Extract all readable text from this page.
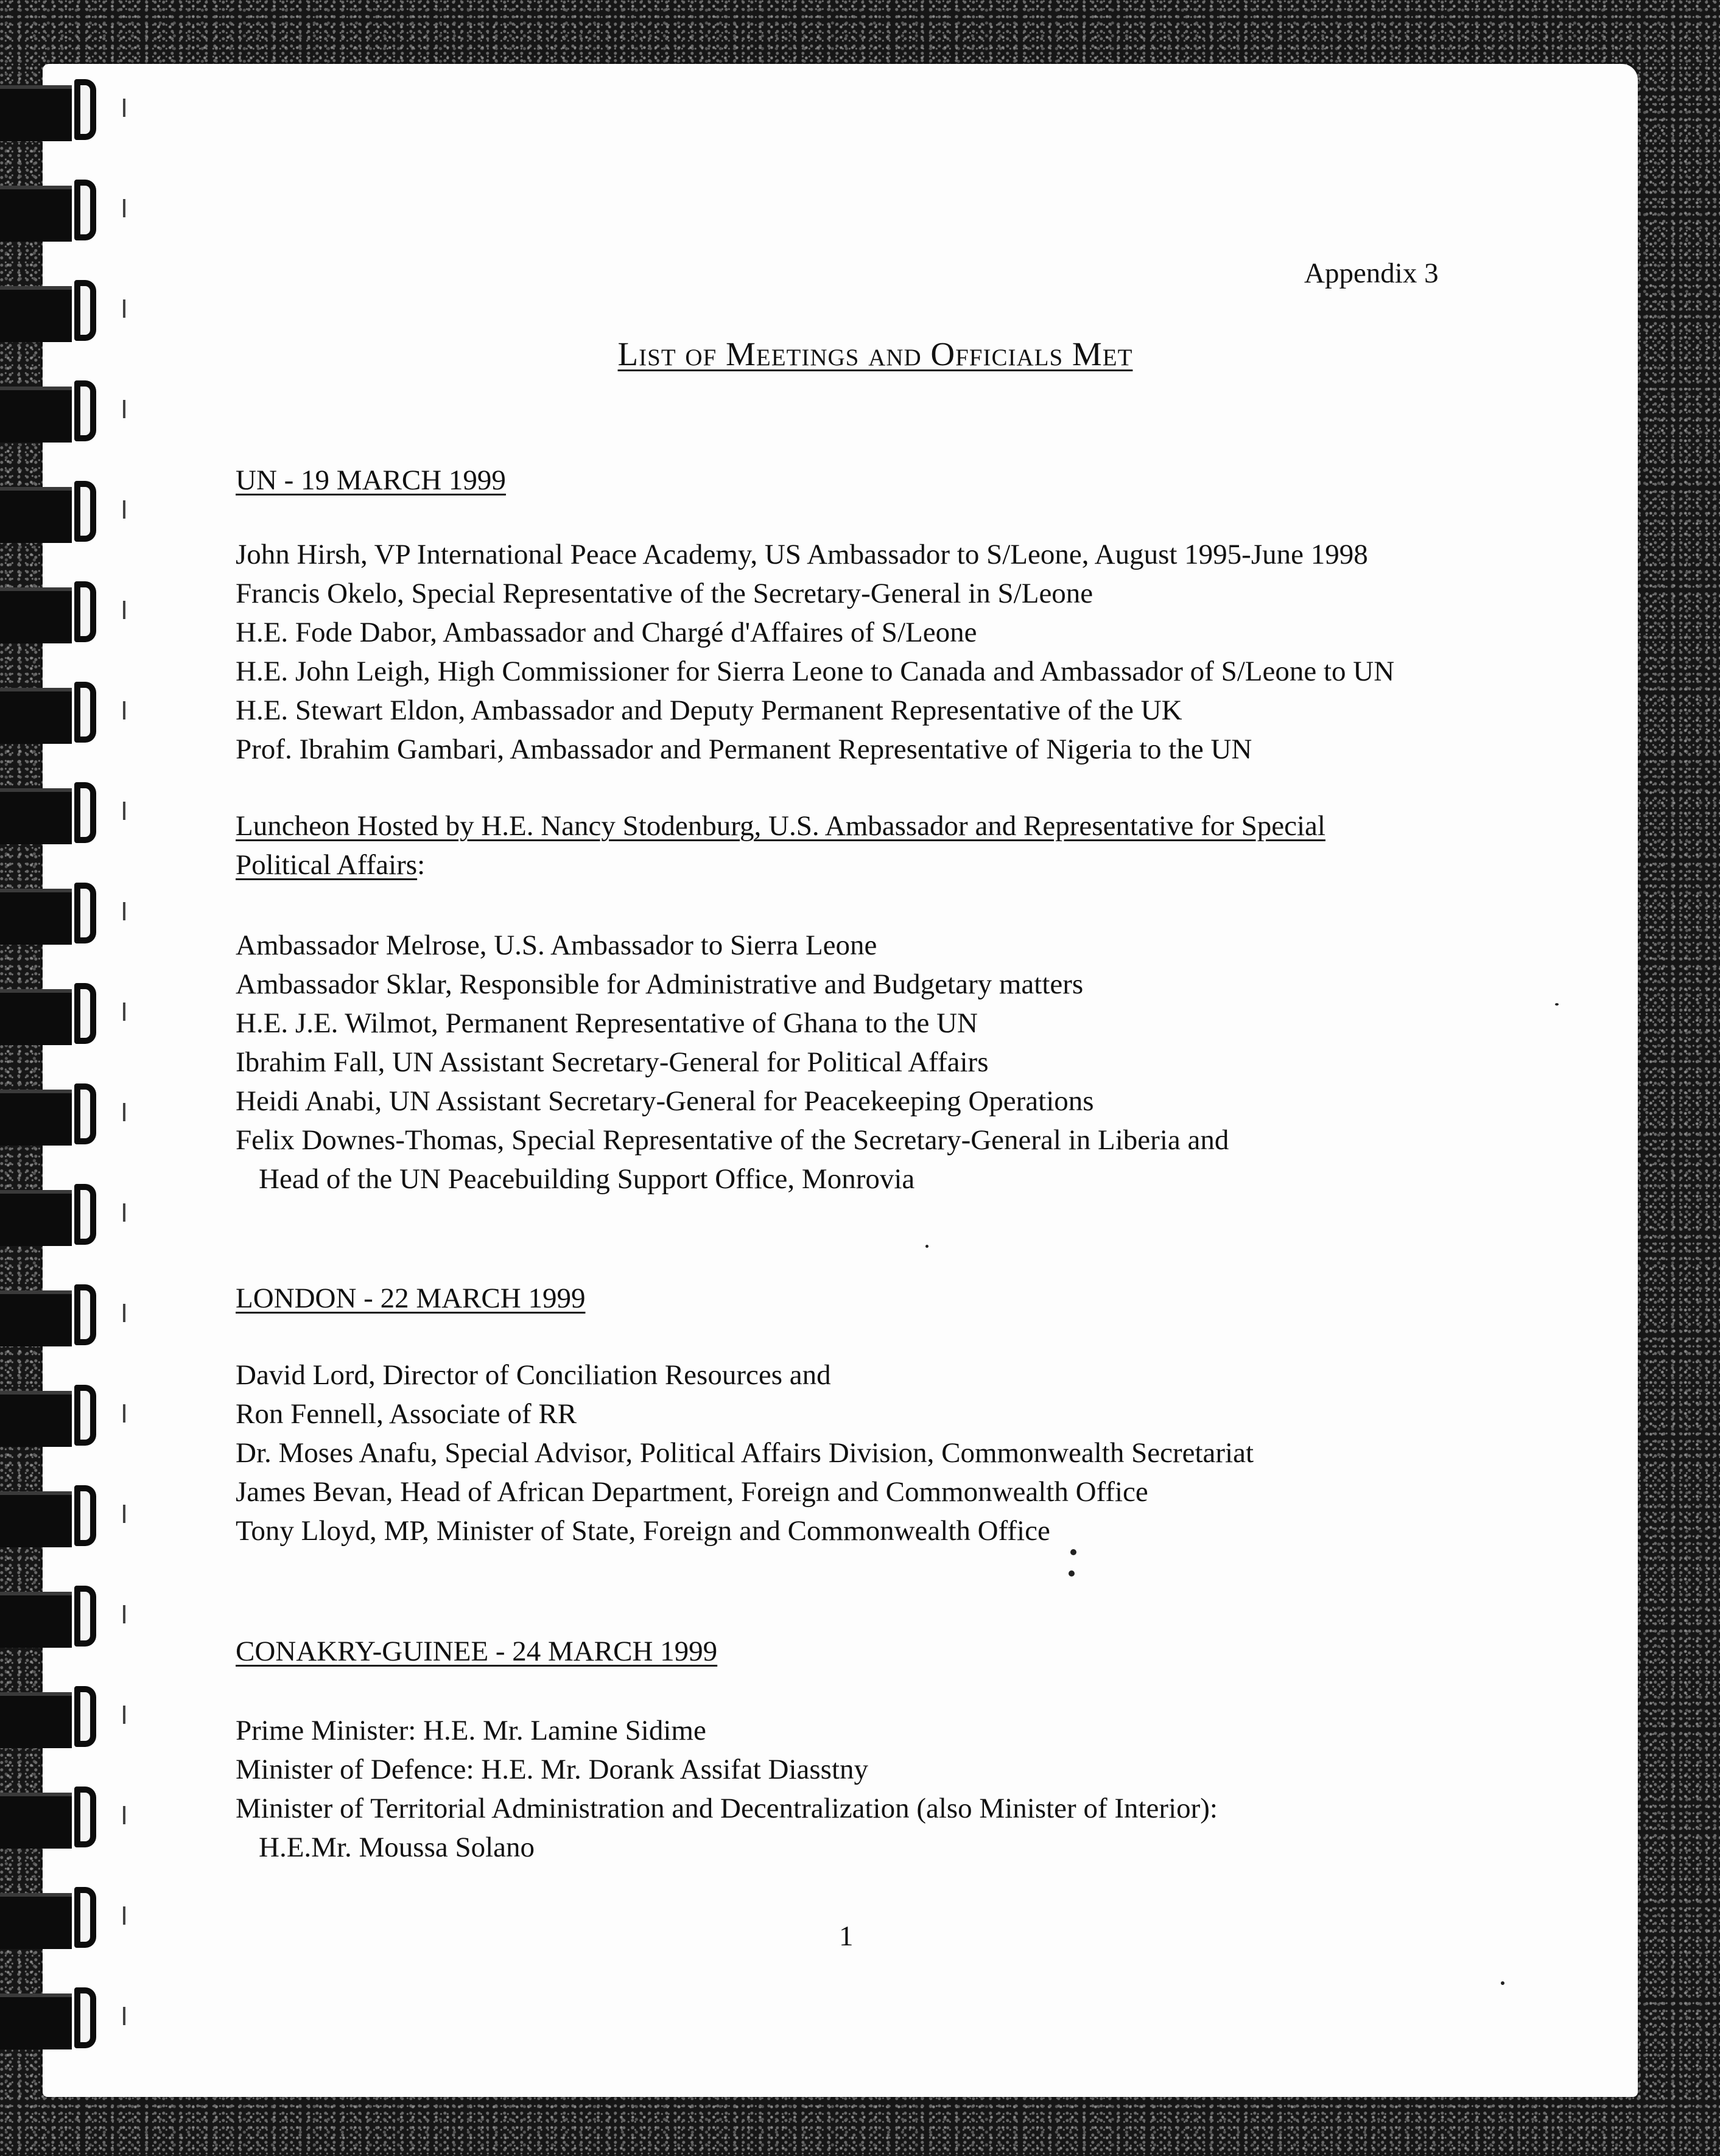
Appendix 3
List of Meetings and Officials Met
UN - 19 MARCH 1999
John Hirsh, VP International Peace Academy, US Ambassador to S/Leone, August 1995-June 1998
Francis Okelo, Special Representative of the Secretary-General in S/Leone
H.E. Fode Dabor, Ambassador and Chargé d'Affaires of S/Leone
H.E. John Leigh, High Commissioner for Sierra Leone to Canada and Ambassador of S/Leone to UN
H.E. Stewart Eldon, Ambassador and Deputy Permanent Representative of the UK
Prof. Ibrahim Gambari, Ambassador and Permanent Representative of Nigeria to the UN
Luncheon Hosted by H.E. Nancy Stodenburg, U.S. Ambassador and Representative for Special
Political Affairs:
Ambassador Melrose, U.S. Ambassador to Sierra Leone
Ambassador Sklar, Responsible for Administrative and Budgetary matters
H.E. J.E. Wilmot, Permanent Representative of Ghana to the UN
Ibrahim Fall, UN Assistant Secretary-General for Political Affairs
Heidi Anabi, UN Assistant Secretary-General for Peacekeeping Operations
Felix Downes-Thomas, Special Representative of the Secretary-General in Liberia and
Head of the UN Peacebuilding Support Office, Monrovia
LONDON - 22 MARCH 1999
David Lord, Director of Conciliation Resources and
Ron Fennell, Associate of RR
Dr. Moses Anafu, Special Advisor, Political Affairs Division, Commonwealth Secretariat
James Bevan, Head of African Department, Foreign and Commonwealth Office
Tony Lloyd, MP, Minister of State, Foreign and Commonwealth Office
CONAKRY-GUINEE - 24 MARCH 1999
Prime Minister: H.E. Mr. Lamine Sidime
Minister of Defence: H.E. Mr. Dorank Assifat Diasstny
Minister of Territorial Administration and Decentralization (also Minister of Interior):
H.E.Mr. Moussa Solano
1
